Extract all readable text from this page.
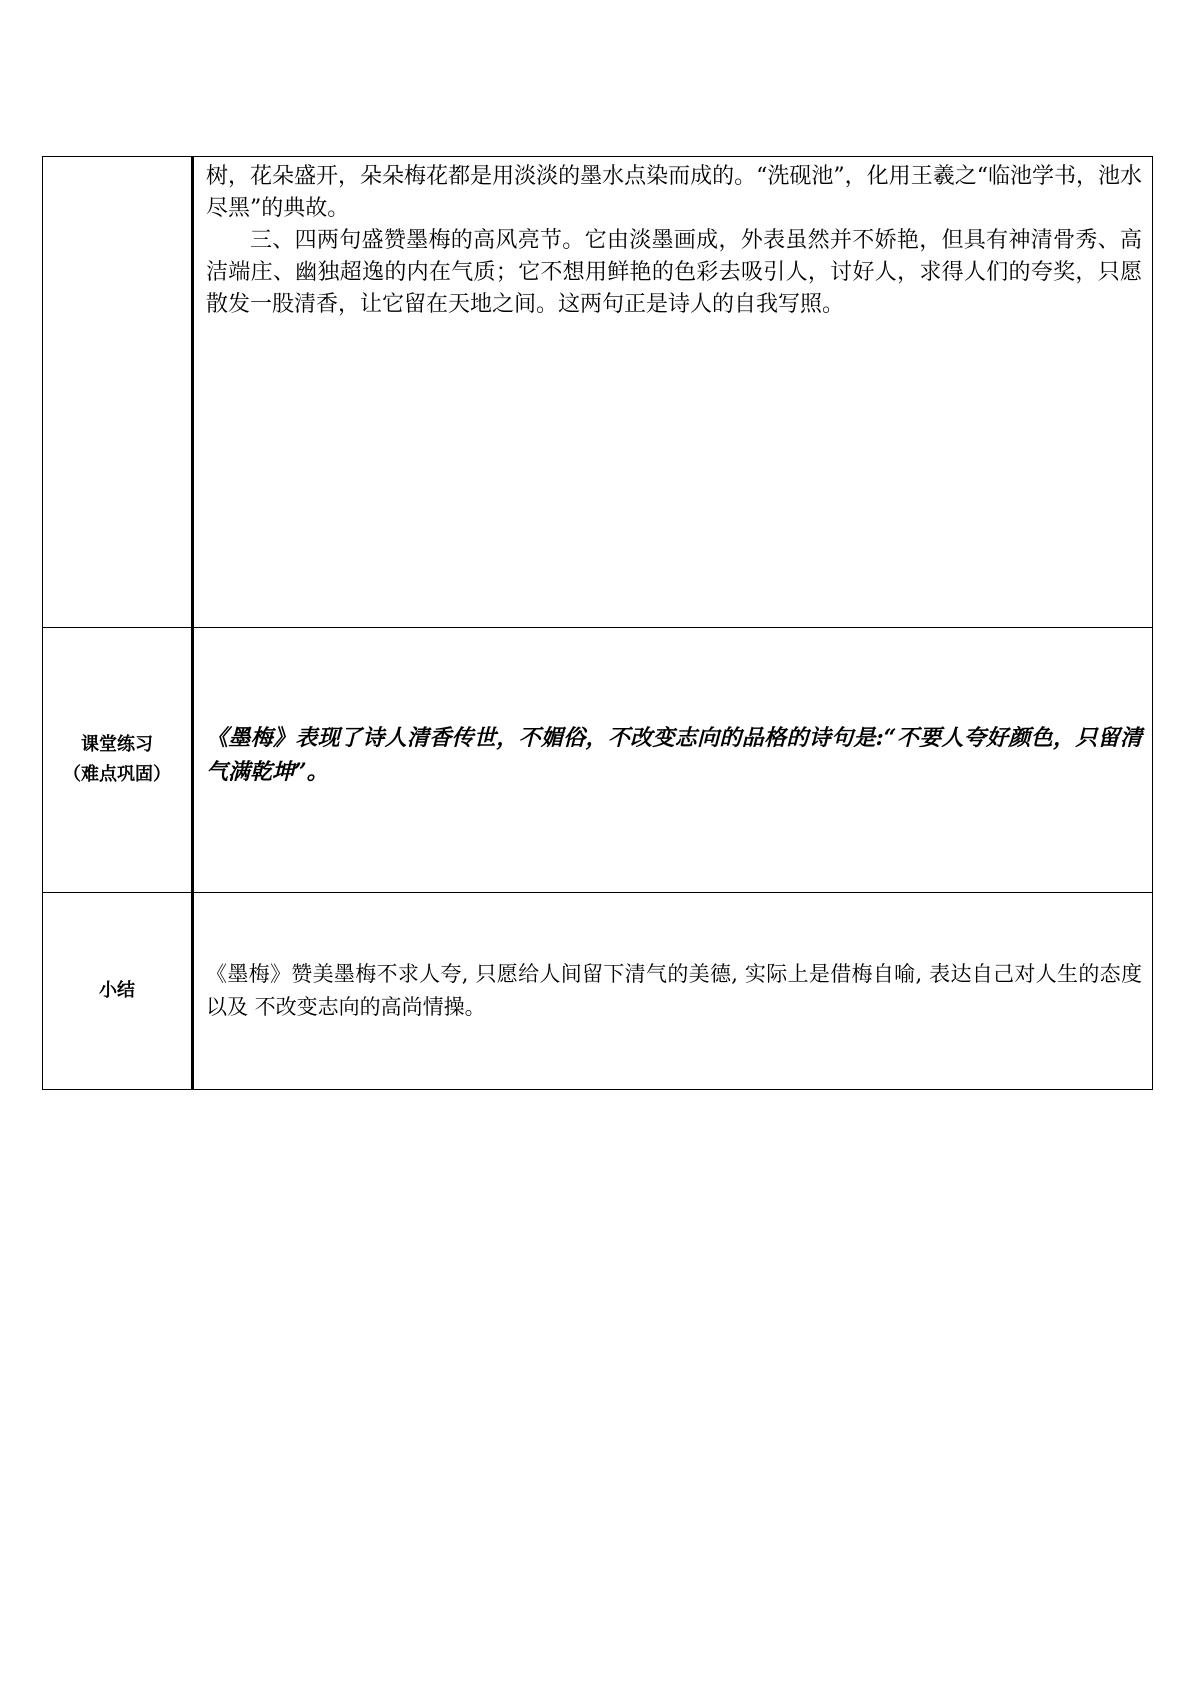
	树，花朵盛开，朵朵梅花都是用淡淡的墨水点染而成的。“洗砚池”，化用王羲之“临池学书，池水尽黑”的典故。

三、四两句盛赞墨梅的高风亮节。它由淡墨画成，外表虽然并不娇艳，但具有神清骨秀、高洁端庄、幽独超逸的内在气质；它不想用鲜艳的色彩去吸引人，讨好人，求得人们的夸奖，只愿散发一股清香，让它留在天地之间。这两句正是诗人的自我写照。

课堂练习
（难点巩固）	《墨梅》表现了诗人清香传世，不媚俗，不改变志向的品格的诗句是:“不要人夸好颜色，只留清气满乾坤”。

小结	《墨梅》赞美墨梅不求人夸, 只愿给人间留下清气的美德, 实际上是借梅自喻, 表达自己对人生的态度以及 不改变志向的高尚情操。
